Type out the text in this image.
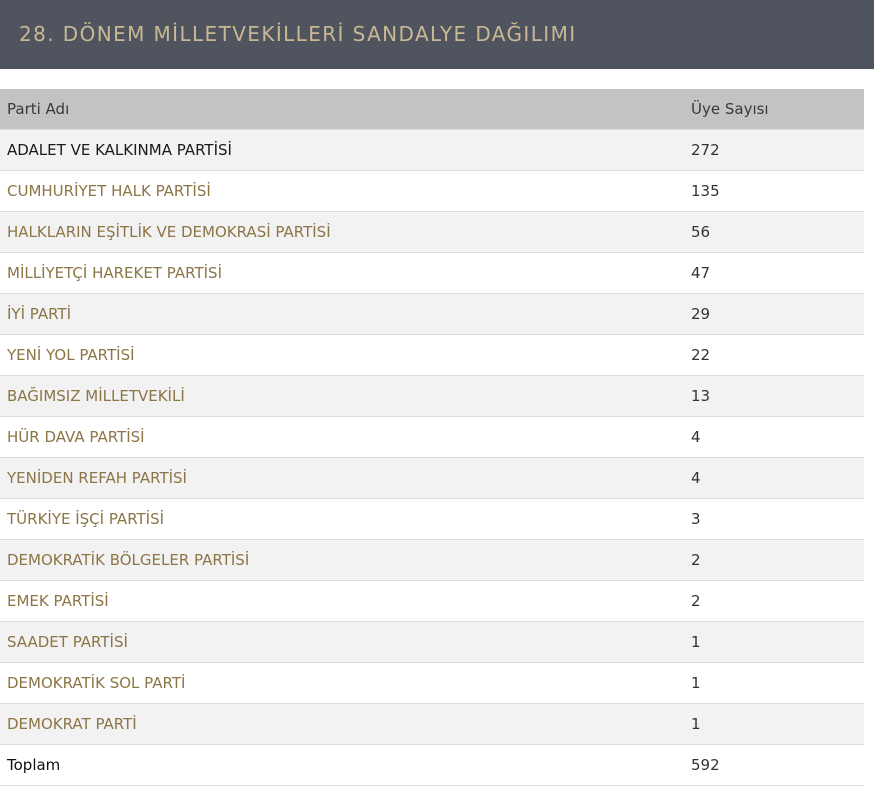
28. DÖNEM MİLLETVEKİLLERİ SANDALYE DAĞILIMI
Parti Adı	Üye Sayısı
ADALET VE KALKINMA PARTİSİ	272
CUMHURİYET HALK PARTİSİ	135
HALKLARIN EŞİTLİK VE DEMOKRASİ PARTİSİ	56
MİLLİYETÇİ HAREKET PARTİSİ	47
İYİ PARTİ	29
YENİ YOL PARTİSİ	22
BAĞIMSIZ MİLLETVEKİLİ	13
HÜR DAVA PARTİSİ	4
YENİDEN REFAH PARTİSİ	4
TÜRKİYE İŞÇİ PARTİSİ	3
DEMOKRATİK BÖLGELER PARTİSİ	2
EMEK PARTİSİ	2
SAADET PARTİSİ	1
DEMOKRATİK SOL PARTİ	1
DEMOKRAT PARTİ	1
Toplam	592
